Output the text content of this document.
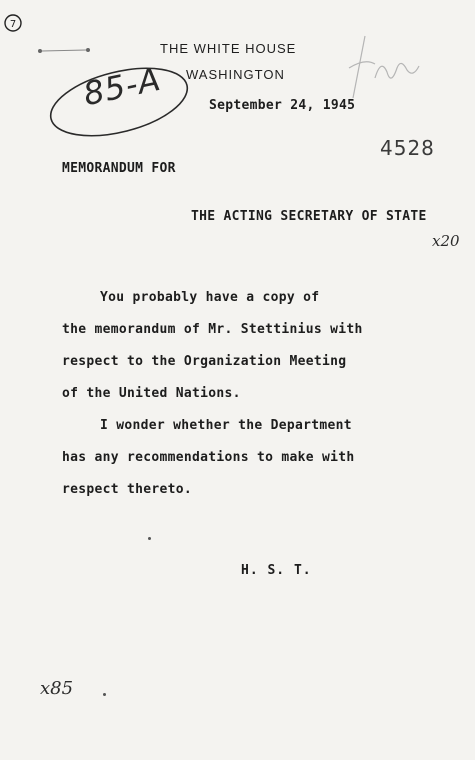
7
THE WHITE HOUSE
WASHINGTON
85-A	September 24, 1945
4528
MEMORANDUM FOR
THE ACTING SECRETARY OF STATE
x20
You probably have a copy of
the memorandum of Mr. Stettinius with
respect to the Organization Meeting
of the United Nations.
I wonder whether the Department
has any recommendations to make with
respect thereto.
H. S. T.
x85
